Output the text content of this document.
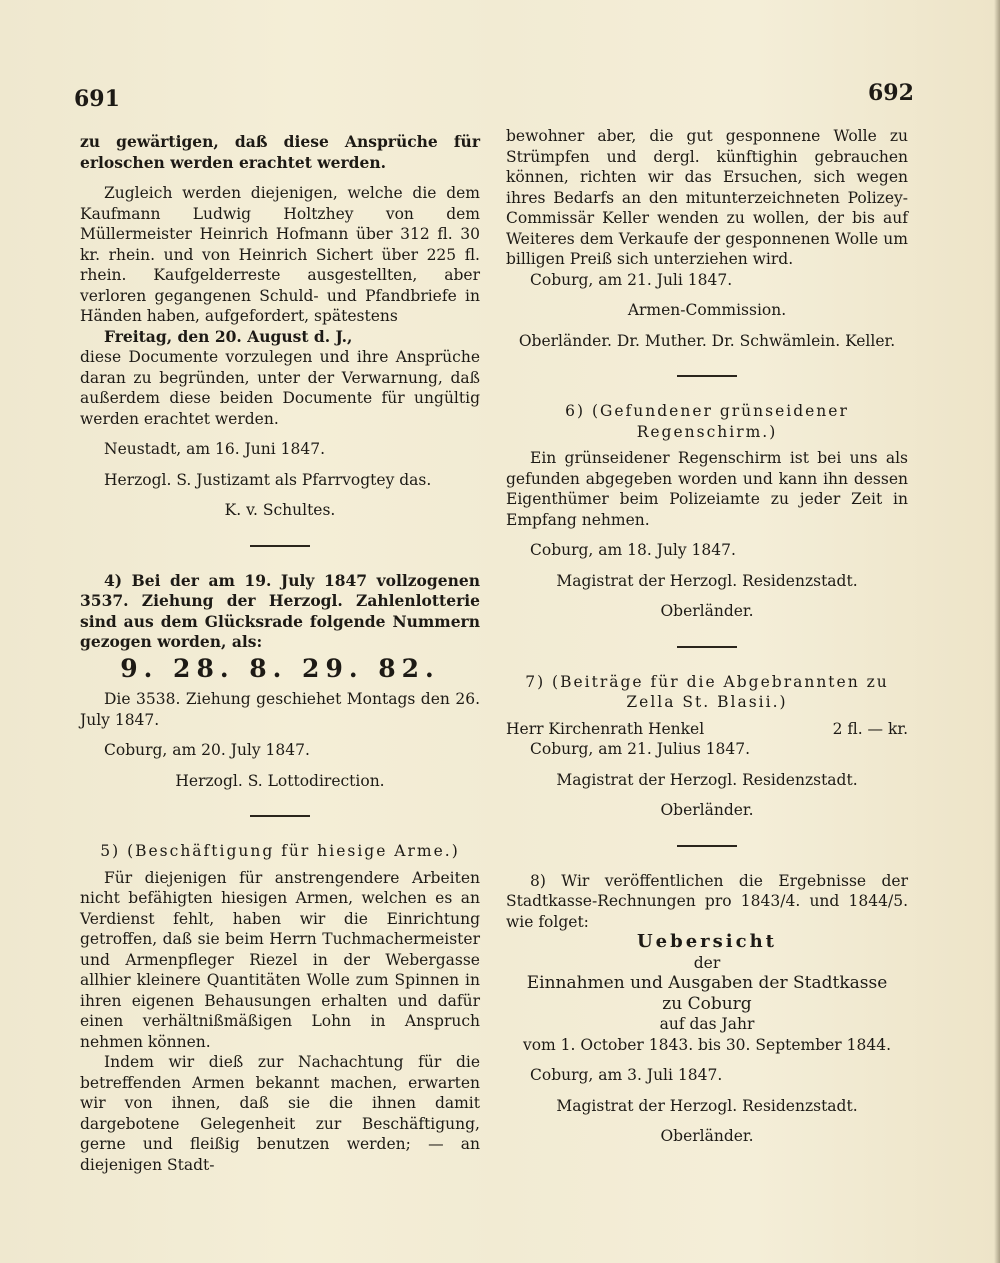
691	692

zu gewärtigen, daß diese Ansprüche für erloschen werden erachtet werden.

Zugleich werden diejenigen, welche die dem Kaufmann Ludwig Holtzhey von dem Müllermeister Heinrich Hofmann über 312 fl. 30 kr. rhein. und von Heinrich Sichert über 225 fl. rhein. Kaufgelderreste ausgestellten, aber verloren gegangenen Schuld- und Pfandbriefe in Händen haben, aufgefordert, spätestens

Freitag, den 20. August d. J.,

diese Documente vorzulegen und ihre Ansprüche daran zu begründen, unter der Verwarnung, daß außerdem diese beiden Documente für ungültig werden erachtet werden.

Neustadt, am 16. Juni 1847.

Herzogl. S. Justizamt als Pfarrvogtey das.

K. v. Schultes.

4) Bei der am 19. July 1847 vollzogenen 3537. Ziehung der Herzogl. Zahlenlotterie sind aus dem Glücksrade folgende Nummern gezogen worden, als:

9. 28. 8. 29. 82.

Die 3538. Ziehung geschiehet Montags den 26. July 1847.

Coburg, am 20. July 1847.

Herzogl. S. Lottodirection.

5) (Beschäftigung für hiesige Arme.)

Für diejenigen für anstrengendere Arbeiten nicht befähigten hiesigen Armen, welchen es an Verdienst fehlt, haben wir die Einrichtung getroffen, daß sie beim Herrn Tuchmachermeister und Armenpfleger Riezel in der Webergasse allhier kleinere Quantitäten Wolle zum Spinnen in ihren eigenen Behausungen erhalten und dafür einen verhältnißmäßigen Lohn in Anspruch nehmen können.

Indem wir dieß zur Nachachtung für die betreffenden Armen bekannt machen, erwarten wir von ihnen, daß sie die ihnen damit dargebotene Gelegenheit zur Beschäftigung, gerne und fleißig benutzen werden; — an diejenigen Stadt-

bewohner aber, die gut gesponnene Wolle zu Strümpfen und dergl. künftighin gebrauchen können, richten wir das Ersuchen, sich wegen ihres Bedarfs an den mitunterzeichneten Polizey-Commissär Keller wenden zu wollen, der bis auf Weiteres dem Verkaufe der gesponnenen Wolle um billigen Preiß sich unterziehen wird.

Coburg, am 21. Juli 1847.

Armen-Commission.

Oberländer. Dr. Muther. Dr. Schwämlein. Keller.

6) (Gefundener grünseidener Regenschirm.)

Ein grünseidener Regenschirm ist bei uns als gefunden abgegeben worden und kann ihn dessen Eigenthümer beim Polizeiamte zu jeder Zeit in Empfang nehmen.

Coburg, am 18. July 1847.

Magistrat der Herzogl. Residenzstadt.

Oberländer.

7) (Beiträge für die Abgebrannten zu Zella St. Blasii.)

Herr Kirchenrath Henkel	2 fl. — kr.

Coburg, am 21. Julius 1847.

Magistrat der Herzogl. Residenzstadt.

Oberländer.

8) Wir veröffentlichen die Ergebnisse der Stadtkasse-Rechnungen pro 1843/4. und 1844/5. wie folget:

Uebersicht

der

Einnahmen und Ausgaben der Stadtkasse

zu Coburg

auf das Jahr

vom 1. October 1843. bis 30. September 1844.

Coburg, am 3. Juli 1847.

Magistrat der Herzogl. Residenzstadt.

Oberländer.
